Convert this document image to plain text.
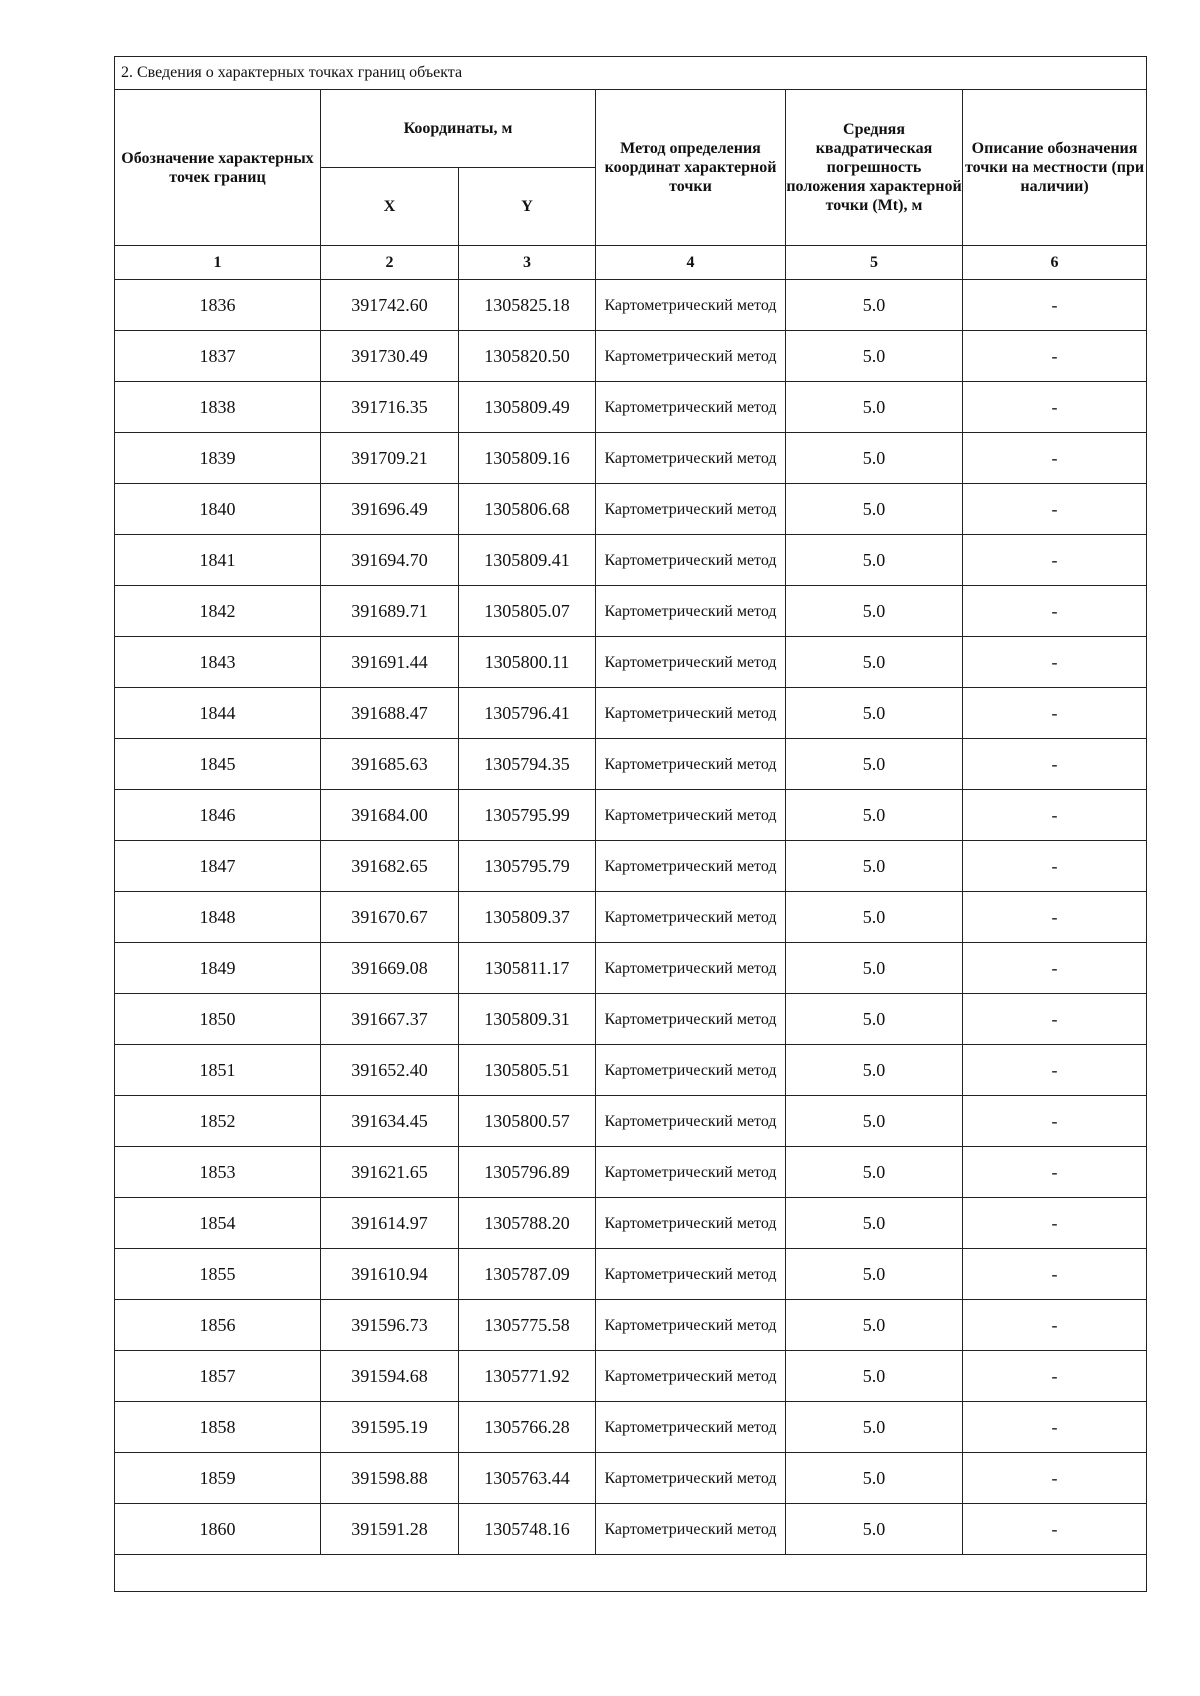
2. Сведения о характерных точках границ объекта					
Обозначение характерных точек границ	Координаты, м		Метод определения координат характерной точки	Средняя квадратическая погрешность положения характерной точки (Mt), м	Описание обозначения точки на местности (при наличии)
	X	Y			
1	2	3	4	5	6
1836	391742.60	1305825.18	Картометрический метод	5.0	-
1837	391730.49	1305820.50	Картометрический метод	5.0	-
1838	391716.35	1305809.49	Картометрический метод	5.0	-
1839	391709.21	1305809.16	Картометрический метод	5.0	-
1840	391696.49	1305806.68	Картометрический метод	5.0	-
1841	391694.70	1305809.41	Картометрический метод	5.0	-
1842	391689.71	1305805.07	Картометрический метод	5.0	-
1843	391691.44	1305800.11	Картометрический метод	5.0	-
1844	391688.47	1305796.41	Картометрический метод	5.0	-
1845	391685.63	1305794.35	Картометрический метод	5.0	-
1846	391684.00	1305795.99	Картометрический метод	5.0	-
1847	391682.65	1305795.79	Картометрический метод	5.0	-
1848	391670.67	1305809.37	Картометрический метод	5.0	-
1849	391669.08	1305811.17	Картометрический метод	5.0	-
1850	391667.37	1305809.31	Картометрический метод	5.0	-
1851	391652.40	1305805.51	Картометрический метод	5.0	-
1852	391634.45	1305800.57	Картометрический метод	5.0	-
1853	391621.65	1305796.89	Картометрический метод	5.0	-
1854	391614.97	1305788.20	Картометрический метод	5.0	-
1855	391610.94	1305787.09	Картометрический метод	5.0	-
1856	391596.73	1305775.58	Картометрический метод	5.0	-
1857	391594.68	1305771.92	Картометрический метод	5.0	-
1858	391595.19	1305766.28	Картометрический метод	5.0	-
1859	391598.88	1305763.44	Картометрический метод	5.0	-
1860	391591.28	1305748.16	Картометрический метод	5.0	-
